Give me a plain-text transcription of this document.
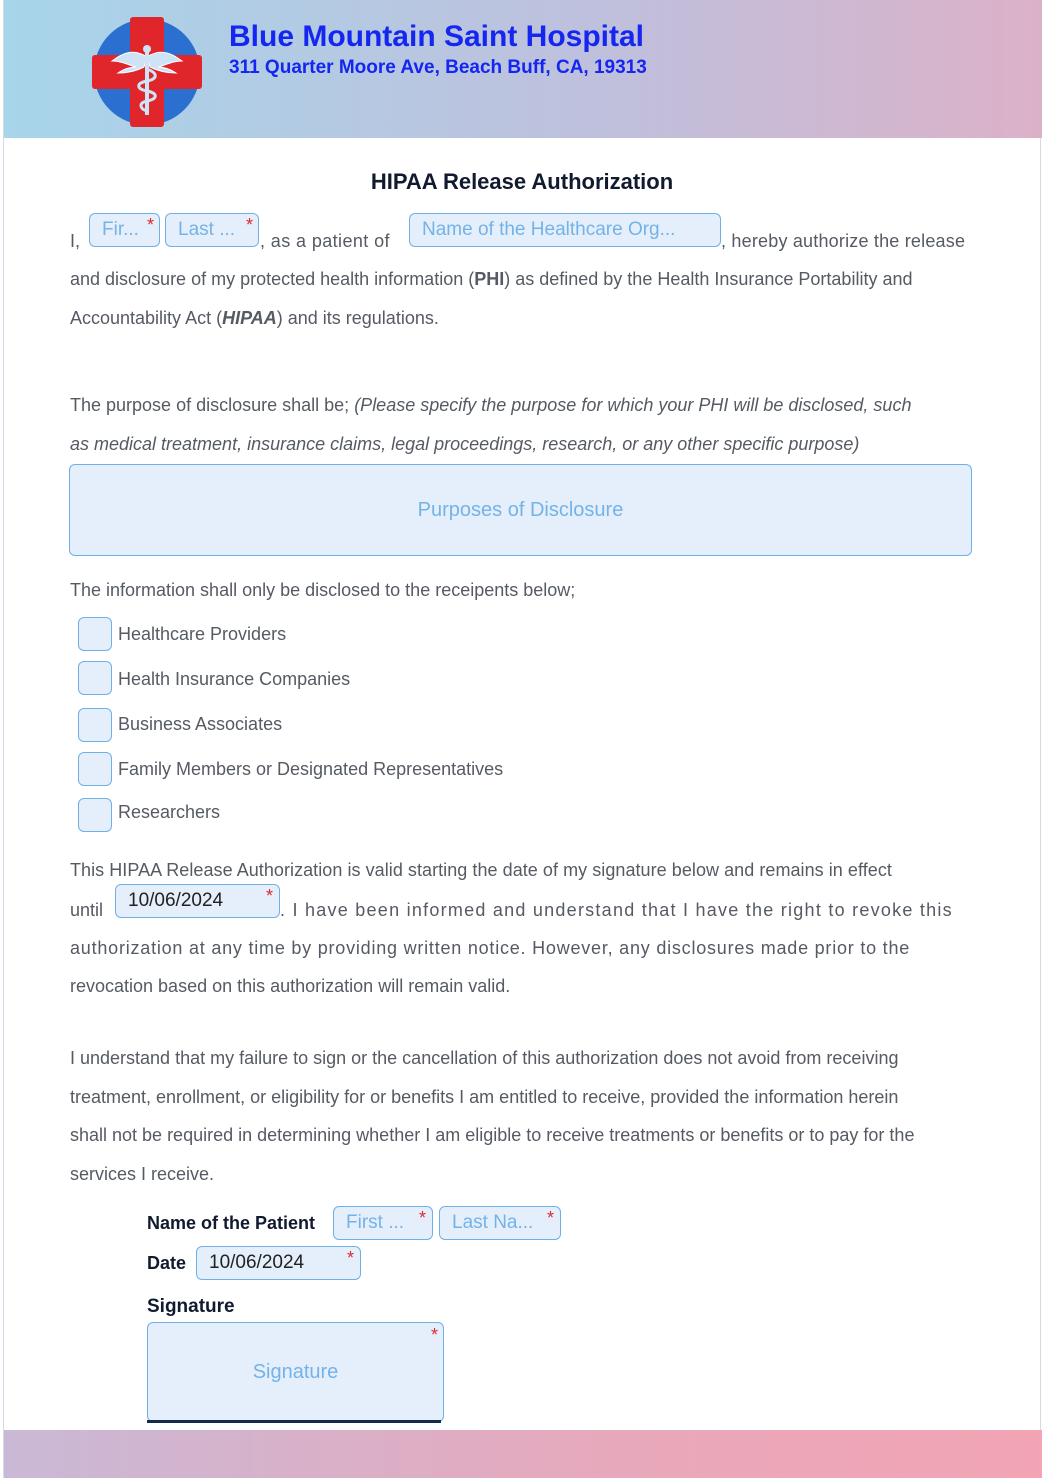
Blue Mountain Saint Hospital
311 Quarter Moore Ave, Beach Buff, CA, 19313
HIPAA Release Authorization
I,
Fir... *	Last ... *
, as a patient of
Name of the Healthcare Org...
, hereby authorize the release
and disclosure of my protected health information (PHI) as defined by the Health Insurance Portability and
Accountability Act (HIPAA) and its regulations.
The purpose of disclosure shall be; (Please specify the purpose for which your PHI will be disclosed, such
as medical treatment, insurance claims, legal proceedings, research, or any other specific purpose)
Purposes of Disclosure
The information shall only be disclosed to the receipents below;
Healthcare Providers
Health Insurance Companies
Business Associates
Family Members or Designated Representatives
Researchers
This HIPAA Release Authorization is valid starting the date of my signature below and remains in effect
until	10/06/2024	*
. I have been informed and understand that I have the right to revoke this
authorization at any time by providing written notice. However, any disclosures made prior to the
revocation based on this authorization will remain valid.
I understand that my failure to sign or the cancellation of this authorization does not avoid from receiving
treatment, enrollment, or eligibility for or benefits I am entitled to receive, provided the information herein
shall not be required in determining whether I am eligible to receive treatments or benefits or to pay for the
services I receive.
Name of the Patient	First ... *	Last Na... *
Date	10/06/2024	*
Signature
Signature
*
